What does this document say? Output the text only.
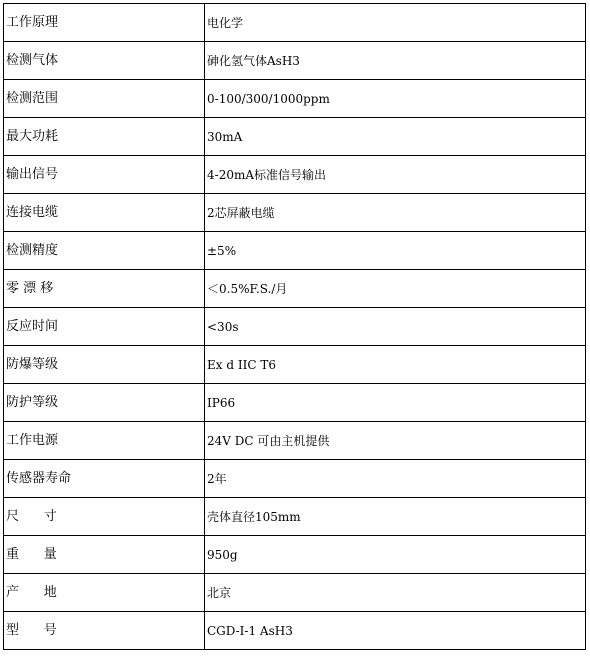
工作原理	电化学
检测气体	砷化氢气体AsH3
检测范围	0-100/300/1000ppm
最大功耗	30mA
输出信号	4-20mA标准信号输出
连接电缆	2芯屏蔽电缆
检测精度	±5%
零 漂 移	＜0.5%F.S./月
反应时间	<30s
防爆等级	Ex d IIC T6
防护等级	IP66
工作电源	24V DC 可由主机提供
传感器寿命	2年
尺      寸	壳体直径105mm
重      量	950g
产      地	北京
型      号	CGD-I-1 AsH3
